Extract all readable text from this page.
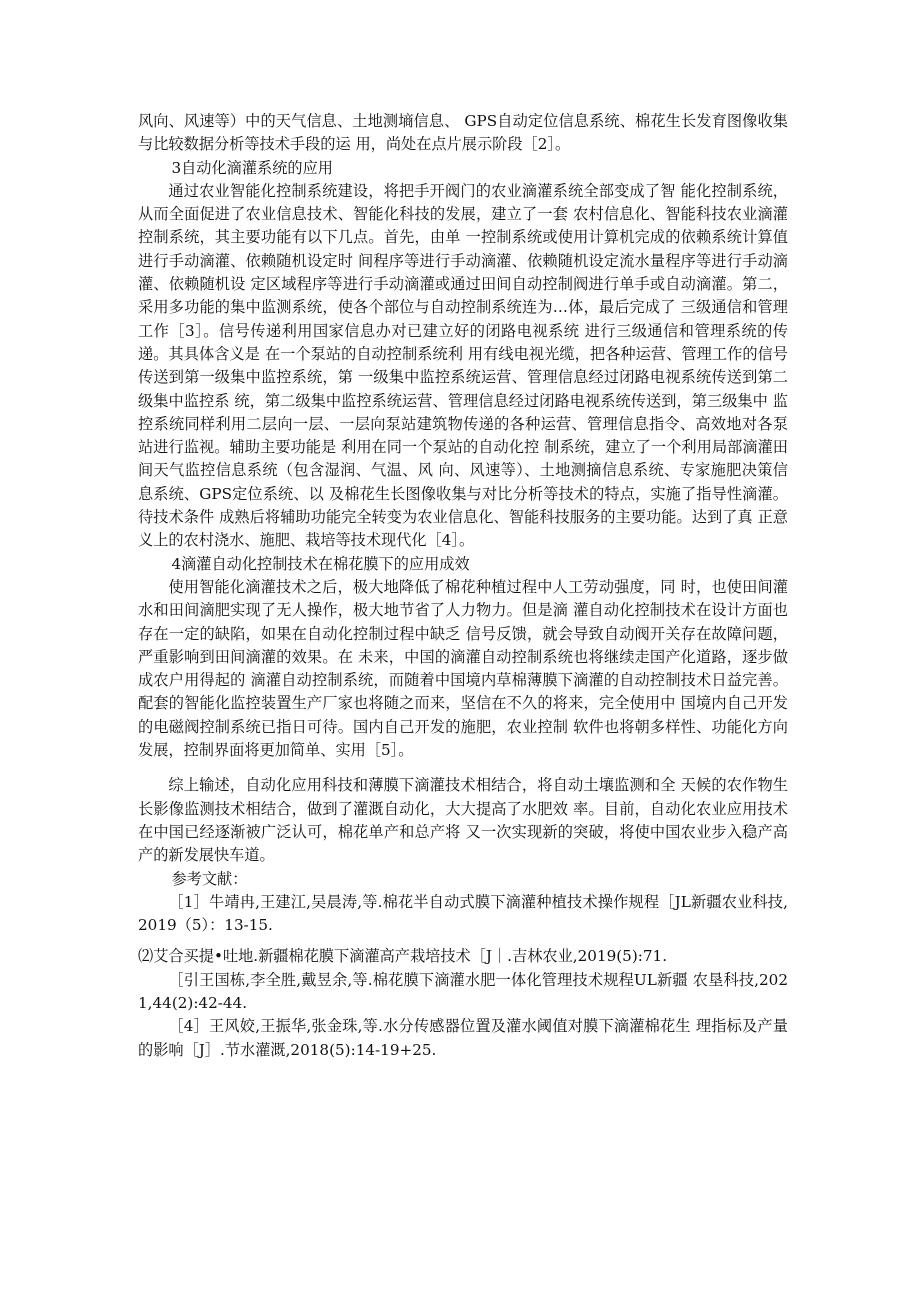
风向、风速等）中的天气信息、土地测墒信息、 GPS自动定位信息系统、棉花生长发育图像收集与比较数据分析等技术手段的运 用，尚处在点片展示阶段［2］。

3自动化滴灌系统的应用

通过农业智能化控制系统建设，将把手开阀门的农业滴灌系统全部变成了智 能化控制系统，从而全面促进了农业信息技术、智能化科技的发展，建立了一套 农村信息化、智能科技农业滴灌控制系统，其主要功能有以下几点。首先，由单 一控制系统或使用计算机完成的依赖系统计算值进行手动滴灌、依赖随机设定时 间程序等进行手动滴灌、依赖随机设定流水量程序等进行手动滴灌、依赖随机设 定区域程序等进行手动滴灌或通过田间自动控制阀进行单手或自动滴灌。第二， 采用多功能的集中监测系统，使各个部位与自动控制系统连为…体，最后完成了 三级通信和管理工作［3］。信号传递利用国家信息办对已建立好的闭路电视系统 进行三级通信和管理系统的传递。其具体含义是 在一个泵站的自动控制系统利 用有线电视光缆，把各种运营、管理工作的信号传送到第一级集中监控系统，第 一级集中监控系统运营、管理信息经过闭路电视系统传送到第二级集中监控系 统，第二级集中监控系统运营、管理信息经过闭路电视系统传送到，第三级集中 监控系统同样利用二层向一层、一层向泵站建筑物传递的各种运营、管理信息指令、高效地对各泵站进行监视。辅助主要功能是 利用在同一个泵站的自动化控 制系统，建立了一个利用局部滴灌田间天气监控信息系统（包含湿润、气温、风 向、风速等）、土地测摘信息系统、专家施肥决策信息系统、GPS定位系统、以 及棉花生长图像收集与对比分析等技术的特点，实施了指导性滴灌。待技术条件 成熟后将辅助功能完全转变为农业信息化、智能科技服务的主要功能。达到了真 正意义上的农村浇水、施肥、栽培等技术现代化［4］。

4滴灌自动化控制技术在棉花膜下的应用成效

使用智能化滴灌技术之后，极大地降低了棉花种植过程中人工劳动强度，同 时，也使田间灌水和田间滴肥实现了无人操作，极大地节省了人力物力。但是滴 灌自动化控制技术在设计方面也存在一定的缺陷，如果在自动化控制过程中缺乏 信号反馈，就会导致自动阀开关存在故障问题，严重影响到田间滴灌的效果。在 未来，中国的滴灌自动控制系统也将继续走国产化道路，逐步做成农户用得起的 滴灌自动控制系统，而随着中国境内草棉薄膜下滴灌的自动控制技术日益完善。配套的智能化监控装置生产厂家也将随之而来，坚信在不久的将来，完全使用中 国境内自己开发的电磁阀控制系统已指日可待。国内自己开发的施肥，农业控制 软件也将朝多样性、功能化方向发展，控制界面将更加简单、实用［5］。

综上输述，自动化应用科技和薄膜下滴灌技术相结合，将自动土壤监测和全 天候的农作物生长影像监测技术相结合，做到了灌溉自动化，大大提高了水肥效 率。目前，自动化农业应用技术在中国已经逐渐被广泛认可，棉花单产和总产将 又一次实现新的突破，将使中国农业步入稳产高产的新发展快车道。

参考文献：

［1］牛靖冉,王建江,吴晨涛,等.棉花半自动式膜下滴灌种植技术操作规程［JL新疆农业科技,2019（5）：13-15.

⑵艾合买提•吐地.新疆棉花膜下滴灌高产栽培技术［J｜.吉林农业,2019(5):71.

［引王国栋,李全胜,戴昱余,等.棉花膜下滴灌水肥一体化管理技术规程UL新疆 农垦科技,2021,44(2):42-44.

［4］王风姣,王振华,张金珠,等.水分传感器位置及灌水阈值对膜下滴灌棉花生 理指标及产量的影响［J］.节水灌溉,2018(5):14-19+25.
